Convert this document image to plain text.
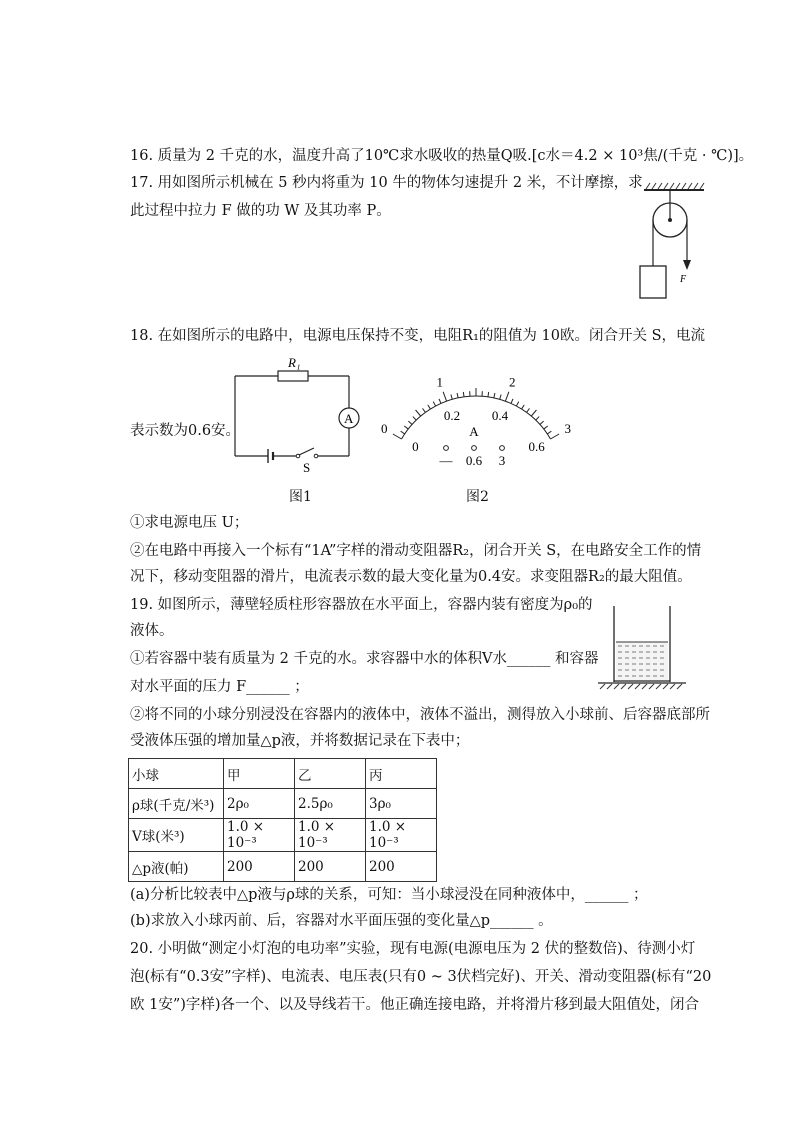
16. 质量为 2 千克的水，温度升高了10℃求水吸收的热量Q吸.[c水＝4.2 × 10³焦/(千克 · ℃)]。
17. 用如图所示机械在 5 秒内将重为 10 牛的物体匀速提升 2 米，不计摩擦，求
此过程中拉力 F 做的功 W 及其功率 P。
F
18. 在如图所示的电路中，电源电压保持不变，电阻R₁的阻值为 10欧。闭合开关 S，电流
表示数为0.6安。
R₁
A
S
图1
0
1	2
3
0
0.2 0.4
0.6
A
— 0.6 3
图2
①求电源电压 U；
②在电路中再接入一个标有“1A”字样的滑动变阻器R₂，闭合开关 S，在电路安全工作的情
况下，移动变阻器的滑片，电流表示数的最大变化量为0.4安。求变阻器R₂的最大阻值。
19. 如图所示，薄壁轻质柱形容器放在水平面上，容器内装有密度为ρ₀的
液体。
①若容器中装有质量为 2 千克的水。求容器中水的体积V水______ 和容器
对水平面的压力 F______ ；
②将不同的小球分别浸没在容器内的液体中，液体不溢出，测得放入小球前、后容器底部所
受液体压强的增加量△p液，并将数据记录在下表中；
小球	甲	乙	丙
ρ球(千克/米³)	2ρ₀	2.5ρ₀	3ρ₀
V球(米³)	1.0 × 10⁻³	1.0 × 10⁻³	1.0 × 10⁻³
△p液(帕)	200	200	200
(a)分析比较表中△p液与ρ球的关系，可知：当小球浸没在同种液体中，______ ；
(b)求放入小球丙前、后，容器对水平面压强的变化量△p______ 。
20. 小明做“测定小灯泡的电功率”实验，现有电源(电源电压为 2 伏的整数倍)、待测小灯
泡(标有“0.3安”字样)、电流表、电压表(只有0 ~ 3伏档完好)、开关、滑动变阻器(标有“20
欧 1安”)字样)各一个、以及导线若干。他正确连接电路，并将滑片移到最大阻值处，闭合
